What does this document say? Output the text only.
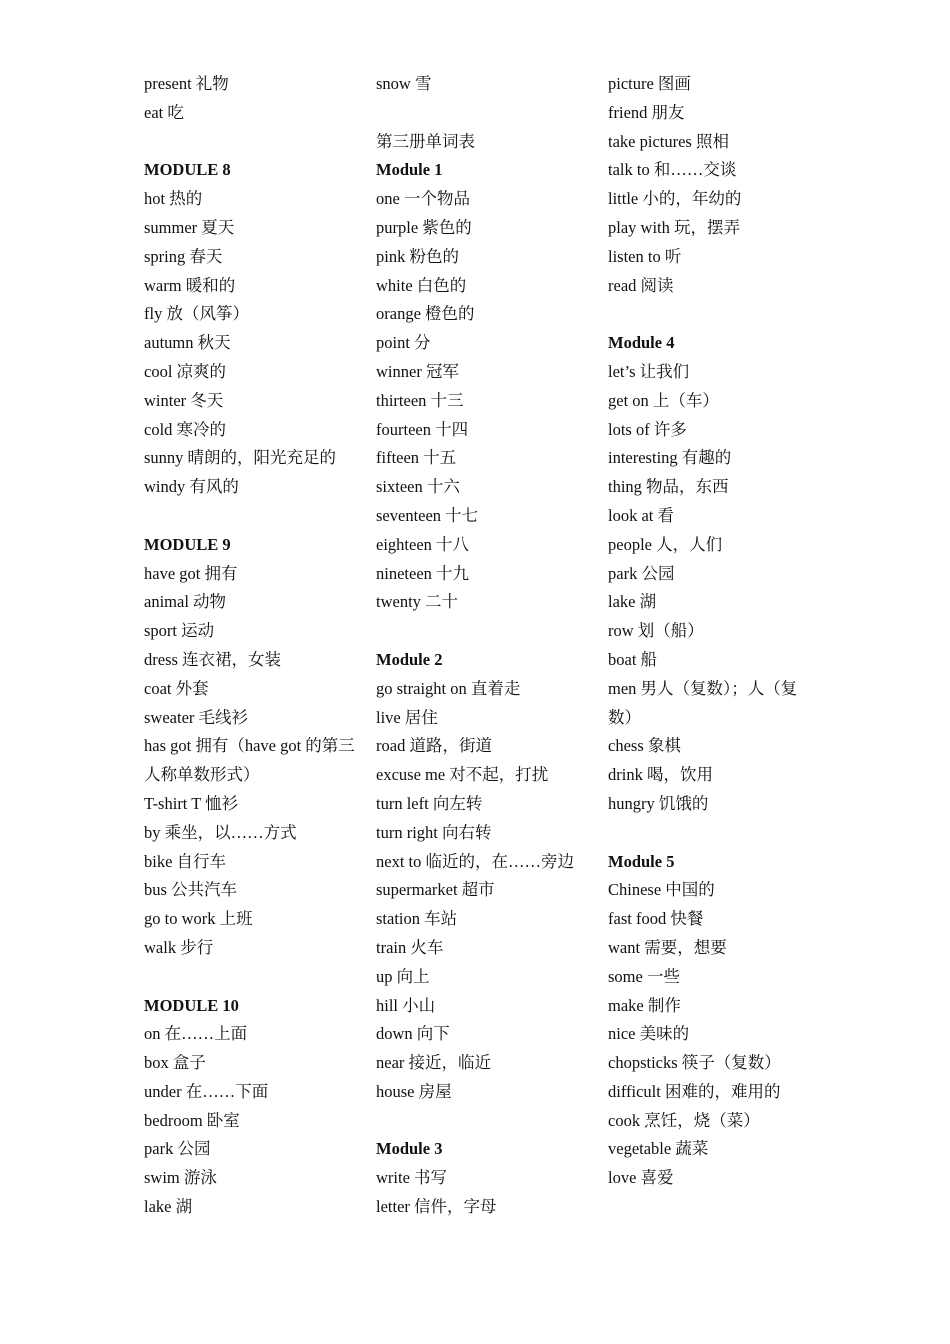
present 礼物
eat 吃
MODULE 8
hot 热的
summer 夏天
spring 春天
warm 暖和的
fly 放（风筝）
autumn 秋天
cool 凉爽的
winter 冬天
cold 寒冷的
sunny 晴朗的，阳光充足的
windy 有风的
MODULE 9
have got 拥有
animal 动物
sport 运动
dress 连衣裙，女装
coat 外套
sweater 毛线衫
has got 拥有（have got 的第三人称单数形式）
T-shirt T 恤衫
by 乘坐，以……方式
bike 自行车
bus 公共汽车
go to work 上班
walk 步行
MODULE 10
on 在……上面
box 盒子
under 在……下面
bedroom 卧室
park 公园
swim 游泳
lake 湖
snow 雪
第三册单词表
Module 1
one 一个物品
purple 紫色的
pink 粉色的
white 白色的
orange 橙色的
point 分
winner 冠军
thirteen 十三
fourteen 十四
fifteen 十五
sixteen 十六
seventeen 十七
eighteen 十八
nineteen 十九
twenty 二十
Module 2
go straight on 直着走
live 居住
road 道路，街道
excuse me 对不起，打扰
turn left 向左转
turn right 向右转
next to 临近的，在……旁边
supermarket 超市
station 车站
train 火车
up 向上
hill 小山
down 向下
near 接近，临近
house 房屋
Module 3
write 书写
letter 信件，字母
picture 图画
friend 朋友
take pictures 照相
talk to 和……交谈
little 小的，年幼的
play with 玩，摆弄
listen to 听
read 阅读
Module 4
let’s 让我们
get on 上（车）
lots of 许多
interesting 有趣的
thing 物品，东西
look at 看
people 人，人们
park 公园
lake 湖
row 划（船）
boat 船
men 男人（复数）；人（复数）
chess 象棋
drink 喝，饮用
hungry 饥饿的
Module 5
Chinese 中国的
fast food 快餐
want 需要，想要
some 一些
make 制作
nice 美味的
chopsticks 筷子（复数）
difficult 困难的，难用的
cook 烹饪，烧（菜）
vegetable 蔬菜
love 喜爱
